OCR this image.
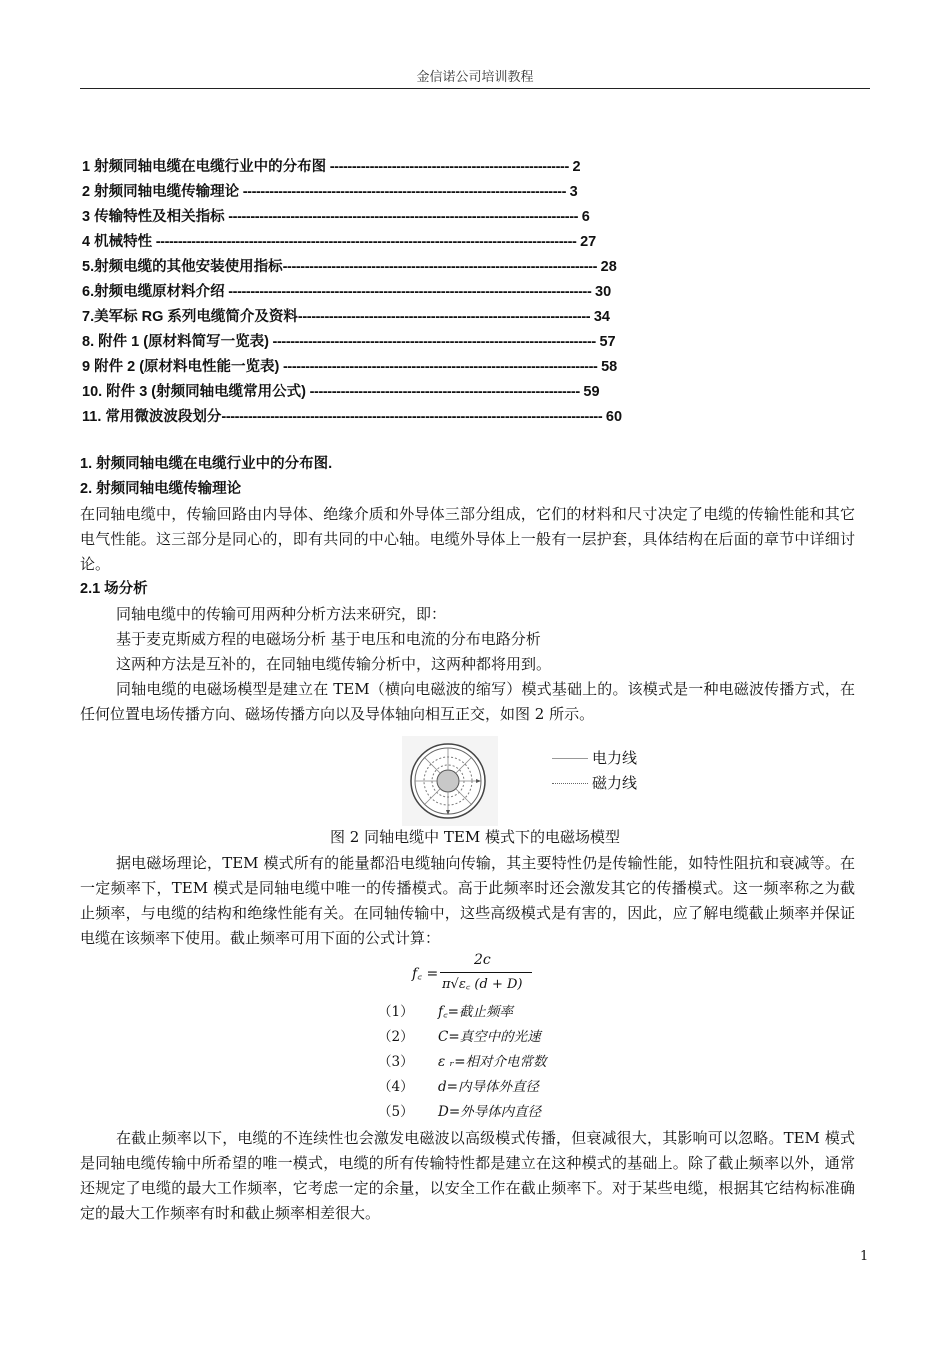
金信诺公司培训教程
1 射频同轴电缆在电缆行业中的分布图 ------------------------------------------------------ 2
2 射频同轴电缆传输理论 ------------------------------------------------------------------------- 3
3 传输特性及相关指标 ------------------------------------------------------------------------------- 6
4 机械特性 ----------------------------------------------------------------------------------------------- 27
5.射频电缆的其他安装使用指标----------------------------------------------------------------------- 28
6.射频电缆原材料介绍 ---------------------------------------------------------------------------------- 30
7.美军标 RG 系列电缆简介及资料------------------------------------------------------------------ 34
8. 附件 1 (原材料简写一览表) ------------------------------------------------------------------------- 57
9 附件 2 (原材料电性能一览表) ----------------------------------------------------------------------- 58
10. 附件 3 (射频同轴电缆常用公式) ------------------------------------------------------------- 59
11. 常用微波波段划分-------------------------------------------------------------------------------------- 60
1. 射频同轴电缆在电缆行业中的分布图.
2. 射频同轴电缆传输理论
在同轴电缆中，传输回路由内导体、绝缘介质和外导体三部分组成，它们的材料和尺寸决定了电缆的传输性能和其它电气性能。这三部分是同心的，即有共同的中心轴。电缆外导体上一般有一层护套，具体结构在后面的章节中详细讨论。
2.1 场分析
同轴电缆中的传输可用两种分析方法来研究，即：
基于麦克斯威方程的电磁场分析 基于电压和电流的分布电路分析
这两种方法是互补的，在同轴电缆传输分析中，这两种都将用到。
同轴电缆的电磁场模型是建立在 TEM（横向电磁波的缩写）模式基础上的。该模式是一种电磁波传播方式，在任何位置电场传播方向、磁场传播方向以及导体轴向相互正交，如图 2 所示。
电力线
磁力线
图 2 同轴电缆中 TEM 模式下的电磁场模型
据电磁场理论，TEM 模式所有的能量都沿电缆轴向传输，其主要特性仍是传输性能，如特性阻抗和衰减等。在一定频率下，TEM 模式是同轴电缆中唯一的传播模式。高于此频率时还会激发其它的传播模式。这一频率称之为截止频率，与电缆的结构和绝缘性能有关。在同轴传输中，这些高级模式是有害的，因此，应了解电缆截止频率并保证电缆在该频率下使用。截止频率可用下面的公式计算：
f꜀ =
2c
π√ε꜀ (d + D)
（1）	f꜀=截止频率
（2）	C=真空中的光速
（3）	ε ᵣ=相对介电常数
（4）	d=内导体外直径
（5）	D=外导体内直径
在截止频率以下，电缆的不连续性也会激发电磁波以高级模式传播，但衰减很大，其影响可以忽略。TEM 模式是同轴电缆传输中所希望的唯一模式，电缆的所有传输特性都是建立在这种模式的基础上。除了截止频率以外，通常还规定了电缆的最大工作频率，它考虑一定的余量，以安全工作在截止频率下。对于某些电缆，根据其它结构标准确定的最大工作频率有时和截止频率相差很大。
1
